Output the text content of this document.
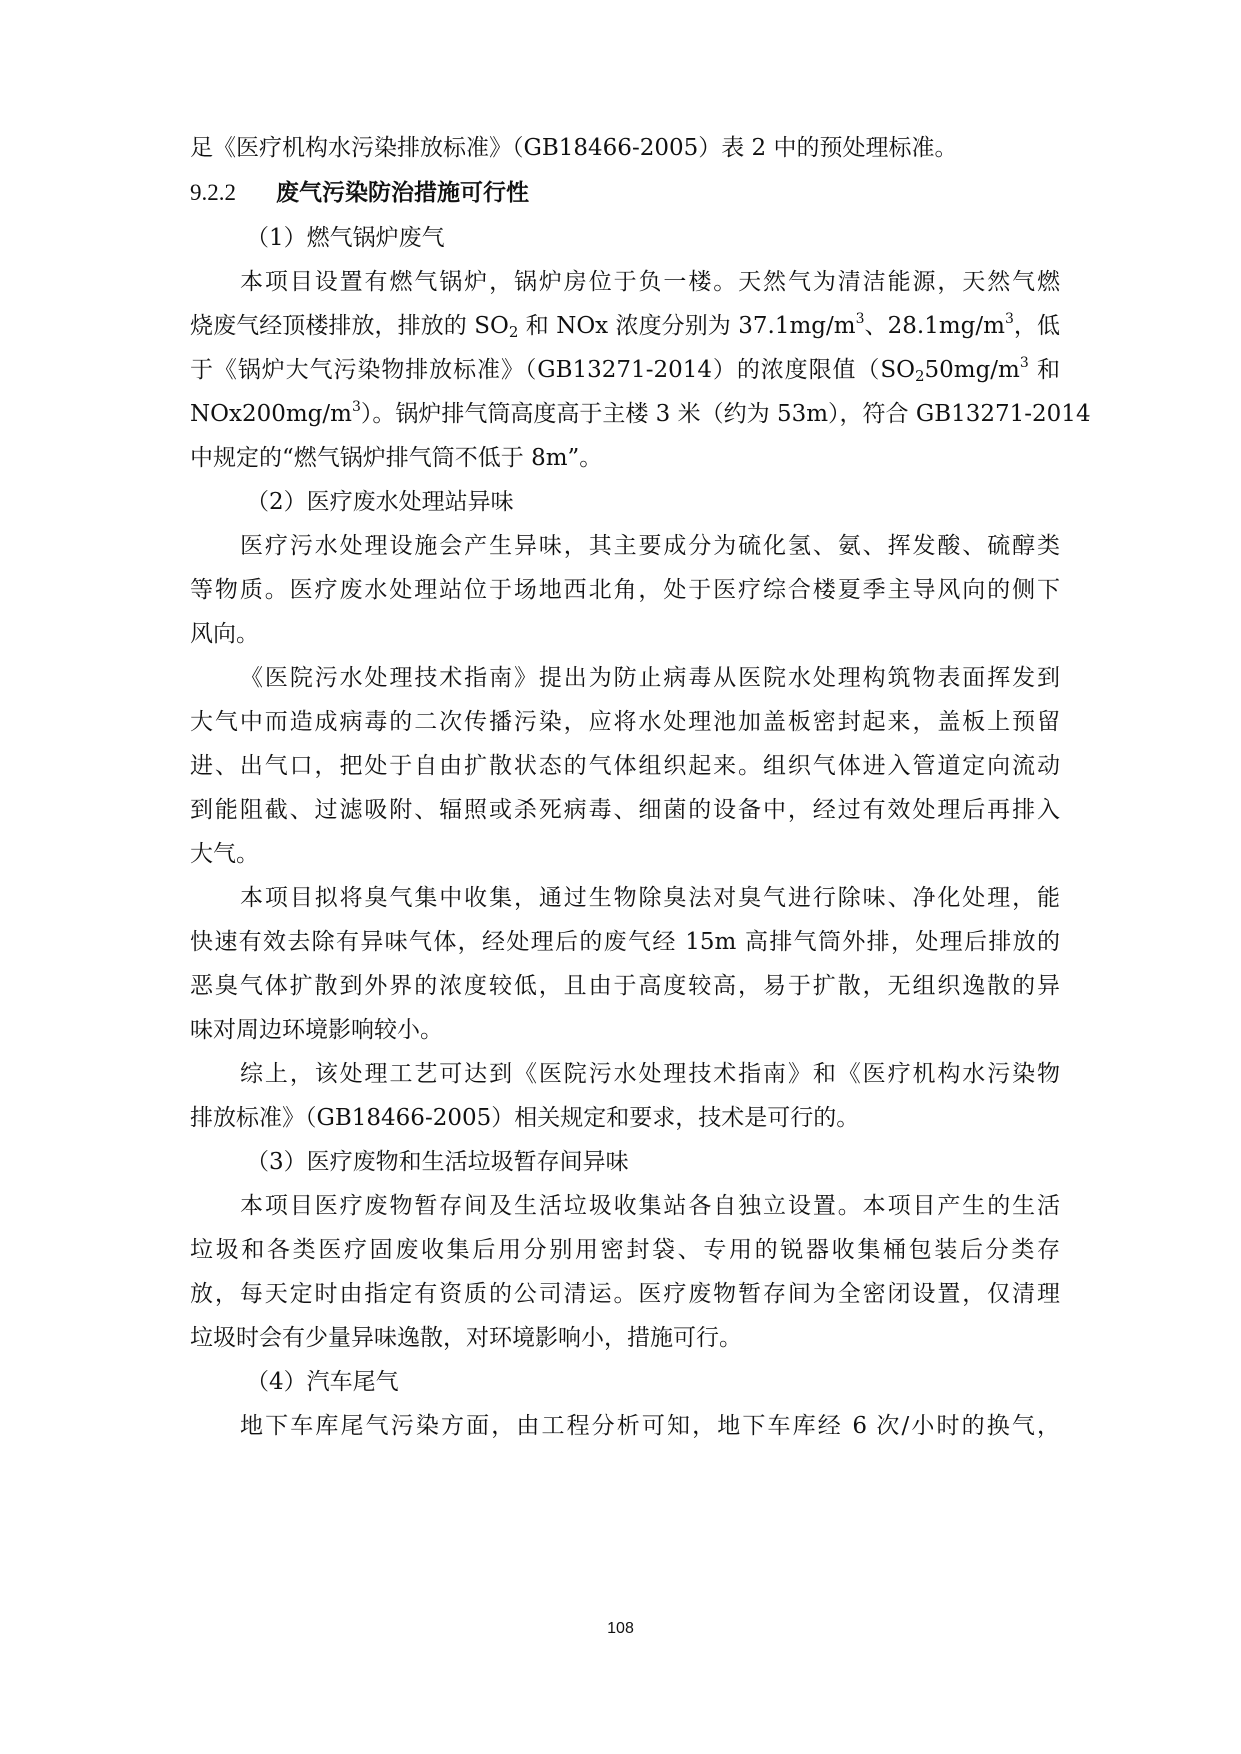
足《医疗机构水污染排放标准》（GB18466-2005）表 2 中的预处理标准。
9.2.2 废气污染防治措施可行性
（1）燃气锅炉废气
本项目设置有燃气锅炉，锅炉房位于负一楼。天然气为清洁能源，天然气燃
烧废气经顶楼排放，排放的 $SO_2$ 和 NOx 浓度分别为 $37.1mg/m^3$、$28.1mg/m^3$，低
于《锅炉大气污染物排放标准》（GB13271-2014）的浓度限值（$SO_250mg/m^3$ 和
$NOx200mg/m^3$）。锅炉排气筒高度高于主楼 3 米（约为 53m），符合 GB13271-2014
中规定的“燃气锅炉排气筒不低于 8m”。
（2）医疗废水处理站异味
医疗污水处理设施会产生异味，其主要成分为硫化氢、氨、挥发酸、硫醇类
等物质。医疗废水处理站位于场地西北角，处于医疗综合楼夏季主导风向的侧下
风向。
《医院污水处理技术指南》提出为防止病毒从医院水处理构筑物表面挥发到
大气中而造成病毒的二次传播污染，应将水处理池加盖板密封起来，盖板上预留
进、出气口，把处于自由扩散状态的气体组织起来。组织气体进入管道定向流动
到能阻截、过滤吸附、辐照或杀死病毒、细菌的设备中，经过有效处理后再排入
大气。
本项目拟将臭气集中收集，通过生物除臭法对臭气进行除味、净化处理，能
快速有效去除有异味气体，经处理后的废气经 15m 高排气筒外排，处理后排放的
恶臭气体扩散到外界的浓度较低，且由于高度较高，易于扩散，无组织逸散的异
味对周边环境影响较小。
综上，该处理工艺可达到《医院污水处理技术指南》和《医疗机构水污染物
排放标准》（GB18466-2005）相关规定和要求，技术是可行的。
（3）医疗废物和生活垃圾暂存间异味
本项目医疗废物暂存间及生活垃圾收集站各自独立设置。本项目产生的生活
垃圾和各类医疗固废收集后用分别用密封袋、专用的锐器收集桶包装后分类存
放，每天定时由指定有资质的公司清运。医疗废物暂存间为全密闭设置，仅清理
垃圾时会有少量异味逸散，对环境影响小，措施可行。
（4）汽车尾气
地下车库尾气污染方面，由工程分析可知，地下车库经 6 次/小时的换气，
108
